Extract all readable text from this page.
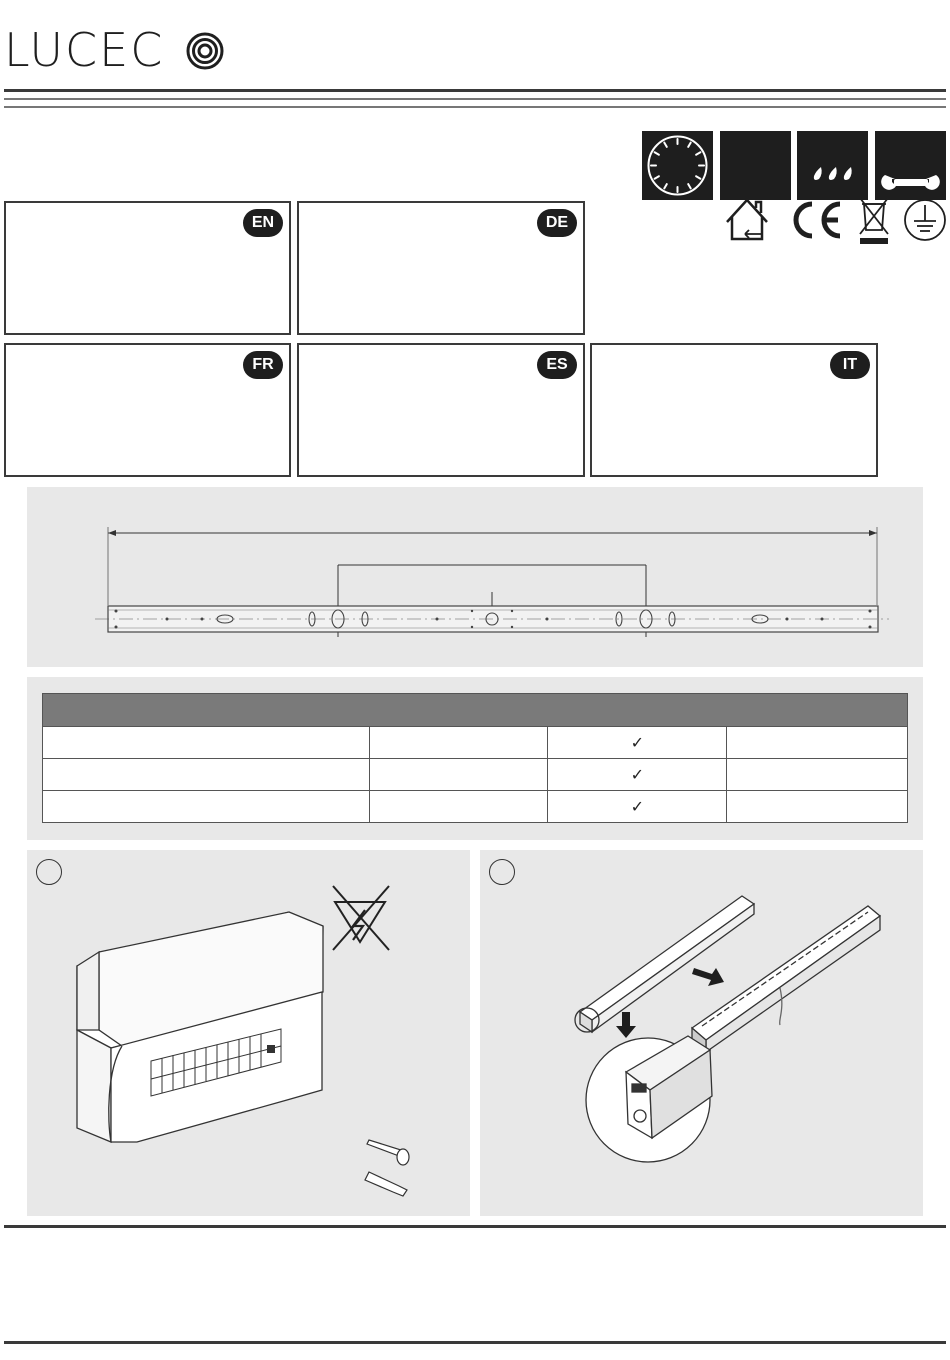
LUCEC
EN	DE
FR	ES	IT

		✓	
		✓	
		✓	
